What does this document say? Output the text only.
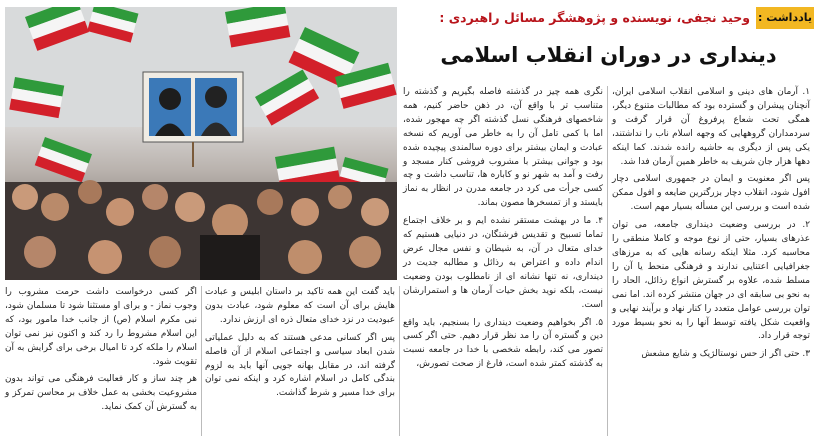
یادداشت :
وحید نجفی، نویسنده و پژوهشگر مسائل راهبردی :
دینداری در دوران انقلاب اسلامی

۱. آرمان های دینی و اسلامی انقلاب اسلامی ایران، آنچنان پیشران و گسترده بود که مطالبات متنوع دیگر، همگی تحت شعاع پرفروغ آن قرار گرفت و سردمداران گروههایی که وجهه اسلام ناب را نداشتند، یکی پس از دیگری به حاشیه رانده شدند. کما اینکه دهها هزار جان شریف به خاطر همین آرمان فدا شد.

پس اگر معنویت و ایمان در جمهوری اسلامی دچار افول شود، انقلاب دچار بزرگترین ضایعه و افول ممکن شده است و بررسی این مسأله بسیار مهم است.

۲. در بررسی وضعیت دینداری جامعه، می توان عذرهای بسیار، حتی از نوع موجه و کاملا منطقی را محاسبه کرد. مثلا اینکه رسانه هایی که به مرزهای جغرافیایی اعتنایی ندارند و فرهنگی منحط یا آن را مسلط شده، علاوه بر گسترش انواع رذائل، الحاد را به نحو بی سابقه ای در جهان منتشر کرده اند. اما نمی توان بررسی عوامل متعدد را کنار نهاد و برآیند نهایی و واقعیت شکل یافته توسط آنها را به نحو بسیط مورد توجه قرار داد.

۳. حتی اگر از حس نوستالژیک و شایع مشعش

نگری همه چیز در گذشته فاصله بگیریم و گذشته را متناسب تر با واقع آن، در ذهن حاضر کنیم، همه شاخصهای فرهنگی نسل گذشته اگر چه مهجور شده، اما با کمی تامل آن را به خاطر می آوریم که نسخه عبادت و ایمان بیشتر برای دوره سالمندی پیچیده شده بود و جوانی بیشتر با مشروب فروشی کنار مسجد و رفت و آمد به شهر نو و کاباره ها، تناسب داشت و چه کسی جرأت می کرد در جامعه مدرن در انظار به نماز بایستد و از تمسخرها مصون بماند.

۴. ما در بهشت مستقر نشده ایم و بر خلاف اجتماع تماما تسبیح و تقدیس فرشتگان، در دنیایی هستیم که خدای متعال در آن، به شیطان و نفس مجال عرض اندام داده و اعتراض به رذائل و مطالبه جدیت در دینداری، نه تنها نشانه ای از نامطلوب بودن وضعیت نیست، بلکه نوید بخش حیات آرمان ها و استمرارشان است.

۵. اگر بخواهیم وضعیت دینداری را بسنجیم، باید واقع دین و گستره آن را مد نظر قرار دهیم. حتی اگر کسی تصور می کند، رابطه شخصی با خدا در جامعه نسبت به گذشته کمتر شده است، فارغ از صحت تصورش،

باید گفت این همه تاکید بر داستان ابلیس و عبادت هایش برای آن است که معلوم شود، عبادت بدون عبودیت در نزد خدای متعال ذره ای ارزش ندارد.

پس اگر کسانی مدعی هستند که به دلیل عملیاتی شدن ابعاد سیاسی و اجتماعی اسلام از آن فاصله گرفته اند، در مقابل بهانه جویی آنها باید به لزوم بندگی کامل در اسلام اشاره کرد و اینکه نمی توان برای خدا مسیر و شرط گذاشت.

اگر کسی درخواست داشت حرمت مشروب را وجوب نماز - و برای او مستثنا شود تا مسلمان شود، نبی مکرم اسلام (ص) از جانب خدا مامور بود، که این اسلام مشروط را رد کند و اکنون نیز نمی توان اسلام را ملکه کرد تا امیال برخی برای گرایش به آن تقویت شود.

هر چند ساز و کار فعالیت فرهنگی می تواند بدون مشروعیت بخشی به عمل خلاف بر محاسن تمرکز و به گسترش آن کمک نماید.
